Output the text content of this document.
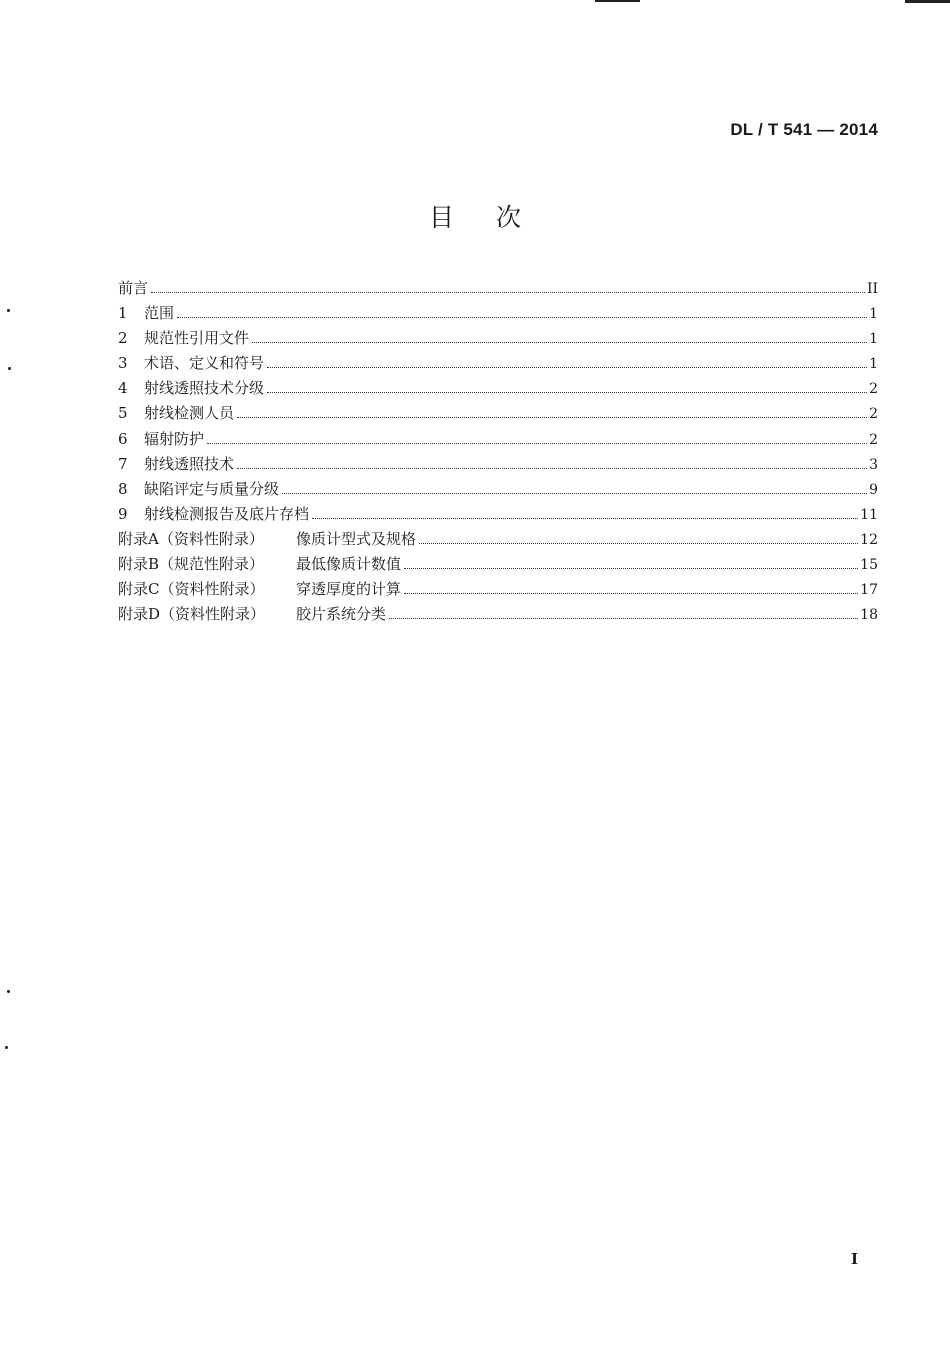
DL / T 541 — 2014
目次
前言	II
1 范围	1
2 规范性引用文件	1
3 术语、定义和符号	1
4 射线透照技术分级	2
5 射线检测人员	2
6 辐射防护	2
7 射线透照技术	3
8 缺陷评定与质量分级	9
9 射线检测报告及底片存档	11
附录A（资料性附录） 像质计型式及规格	12
附录B（规范性附录） 最低像质计数值	15
附录C（资料性附录） 穿透厚度的计算	17
附录D（资料性附录） 胶片系统分类	18
I
